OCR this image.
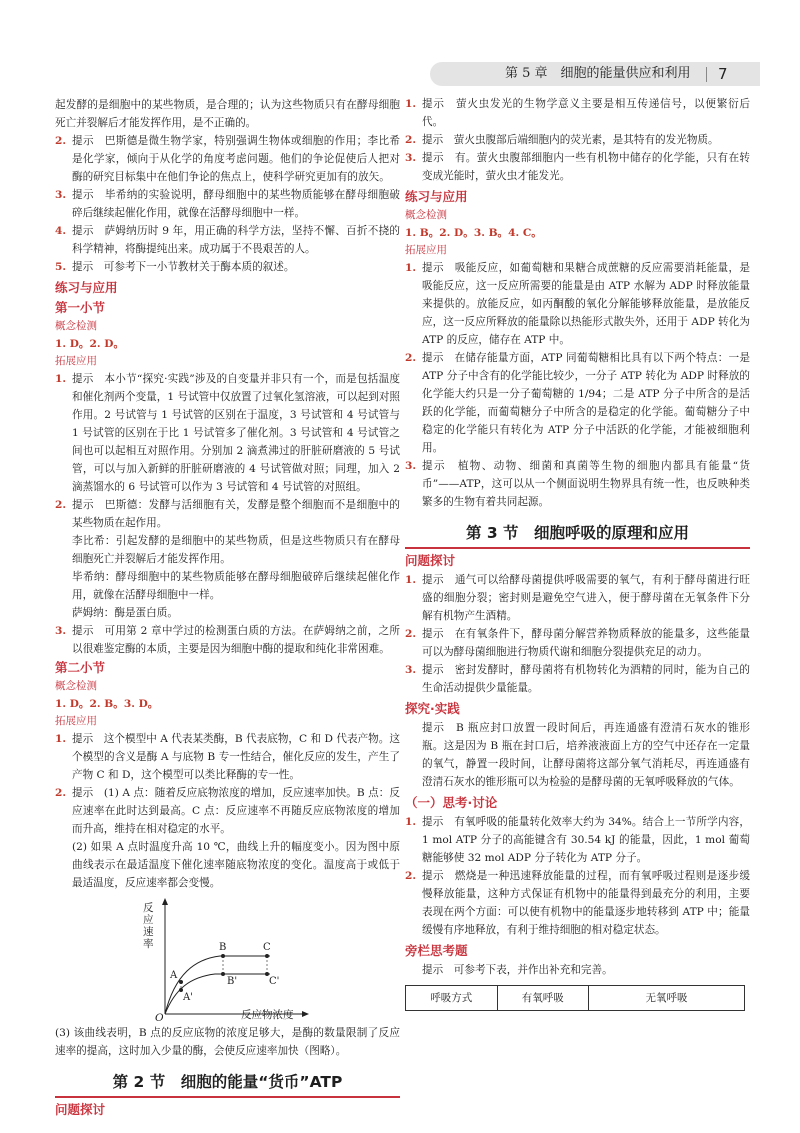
第 5 章　细胞的能量供应和利用 7
起发酵的是细胞中的某些物质，是合理的；认为这些物质只有在酵母细胞死亡并裂解后才能发挥作用，是不正确的。
2. 提示　巴斯德是微生物学家，特别强调生物体或细胞的作用；李比希是化学家，倾向于从化学的角度考虑问题。他们的争论促使后人把对酶的研究目标集中在他们争论的焦点上，使科学研究更加有的放矢。
3. 提示　毕希纳的实验说明，酵母细胞中的某些物质能够在酵母细胞破碎后继续起催化作用，就像在活酵母细胞中一样。
4. 提示　萨姆纳历时 9 年，用正确的科学方法，坚持不懈、百折不挠的科学精神，将酶提纯出来。成功属于不畏艰苦的人。
5. 提示　可参考下一小节教材关于酶本质的叙述。
练习与应用
第一小节
概念检测
1. D。2. D。
拓展应用
1. 提示　本小节“探究·实践”涉及的自变量并非只有一个，而是包括温度和催化剂两个变量，1 号试管中仅放置了过氧化氢溶液，可以起到对照作用。2 号试管与 1 号试管的区别在于温度，3 号试管和 4 号试管与 1 号试管的区别在于比 1 号试管多了催化剂。3 号试管和 4 号试管之间也可以起相互对照作用。分别加 2 滴煮沸过的肝脏研磨液的 5 号试管，可以与加入新鲜的肝脏研磨液的 4 号试管做对照；同理，加入 2 滴蒸馏水的 6 号试管可以作为 3 号试管和 4 号试管的对照组。
2. 提示　巴斯德：发酵与活细胞有关，发酵是整个细胞而不是细胞中的某些物质在起作用。
李比希：引起发酵的是细胞中的某些物质，但是这些物质只有在酵母细胞死亡并裂解后才能发挥作用。
毕希纳：酵母细胞中的某些物质能够在酵母细胞破碎后继续起催化作用，就像在活酵母细胞中一样。
萨姆纳：酶是蛋白质。
3. 提示　可用第 2 章中学过的检测蛋白质的方法。在萨姆纳之前，之所以很难鉴定酶的本质，主要是因为细胞中酶的提取和纯化非常困难。
第二小节
概念检测
1. D。2. B。3. D。
拓展应用
1. 提示　这个模型中 A 代表某类酶，B 代表底物，C 和 D 代表产物。这个模型的含义是酶 A 与底物 B 专一性结合，催化反应的发生，产生了产物 C 和 D，这个模型可以类比释酶的专一性。
2. 提示　(1) A 点：随着反应底物浓度的增加，反应速率加快。B 点：反应速率在此时达到最高。C 点：反应速率不再随反应底物浓度的增加而升高，维持在相对稳定的水平。
(2) 如果 A 点时温度升高 10 ℃，曲线上升的幅度变小。因为图中原曲线表示在最适温度下催化速率随底物浓度的变化。温度高于或低于最适温度，反应速率都会变慢。
反应速率
反应物浓度
O
A
B	C
A'
B'	C'
(3) 该曲线表明，B 点的反应底物的浓度足够大，是酶的数量限制了反应速率的提高，这时加入少量的酶，会使反应速率加快（图略）。
第 2 节　细胞的能量“货币”ATP
问题探讨
1. 提示　萤火虫发光的生物学意义主要是相互传递信号，以便繁衍后代。
2. 提示　萤火虫腹部后端细胞内的荧光素，是其特有的发光物质。
3. 提示　有。萤火虫腹部细胞内一些有机物中储存的化学能，只有在转变成光能时，萤火虫才能发光。
练习与应用
概念检测
1. B。2. D。3. B。4. C。
拓展应用
1. 提示　吸能反应，如葡萄糖和果糖合成蔗糖的反应需要消耗能量，是吸能反应，这一反应所需要的能量是由 ATP 水解为 ADP 时释放能量来提供的。放能反应，如丙酮酸的氧化分解能够释放能量，是放能反应，这一反应所释放的能量除以热能形式散失外，还用于 ADP 转化为 ATP 的反应，储存在 ATP 中。
2. 提示　在储存能量方面，ATP 同葡萄糖相比具有以下两个特点：一是 ATP 分子中含有的化学能比较少，一分子 ATP 转化为 ADP 时释放的化学能大约只是一分子葡萄糖的 1/94；二是 ATP 分子中所含的是活跃的化学能，而葡萄糖分子中所含的是稳定的化学能。葡萄糖分子中稳定的化学能只有转化为 ATP 分子中活跃的化学能，才能被细胞利用。
3. 提示　植物、动物、细菌和真菌等生物的细胞内都具有能量“货币”——ATP，这可以从一个侧面说明生物界具有统一性，也反映种类繁多的生物有着共同起源。
第 3 节　细胞呼吸的原理和应用
问题探讨
1. 提示　通气可以给酵母菌提供呼吸需要的氧气，有利于酵母菌进行旺盛的细胞分裂；密封则是避免空气进入，便于酵母菌在无氧条件下分解有机物产生酒精。
2. 提示　在有氧条件下，酵母菌分解营养物质释放的能量多，这些能量可以为酵母菌细胞进行物质代谢和细胞分裂提供充足的动力。
3. 提示　密封发酵时，酵母菌将有机物转化为酒精的同时，能为自己的生命活动提供少量能量。
探究·实践
提示　B 瓶应封口放置一段时间后，再连通盛有澄清石灰水的锥形瓶。这是因为 B 瓶在封口后，培养液液面上方的空气中还存在一定量的氧气，静置一段时间，让酵母菌将这部分氧气消耗尽，再连通盛有澄清石灰水的锥形瓶可以为检验的是酵母菌的无氧呼吸释放的气体。
（一）思考·讨论
1. 提示　有氧呼吸的能量转化效率大约为 34%。结合上一节所学内容，1 mol ATP 分子的高能键含有 30.54 kJ 的能量，因此，1 mol 葡萄糖能够使 32 mol ADP 分子转化为 ATP 分子。
2. 提示　燃烧是一种迅速释放能量的过程，而有氧呼吸过程则是逐步缓慢释放能量，这种方式保证有机物中的能量得到最充分的利用，主要表现在两个方面：可以使有机物中的能量逐步地转移到 ATP 中；能量缓慢有序地释放，有利于维持细胞的相对稳定状态。
旁栏思考题
提示　可参考下表，并作出补充和完善。
呼吸方式	有氧呼吸	无氧呼吸
